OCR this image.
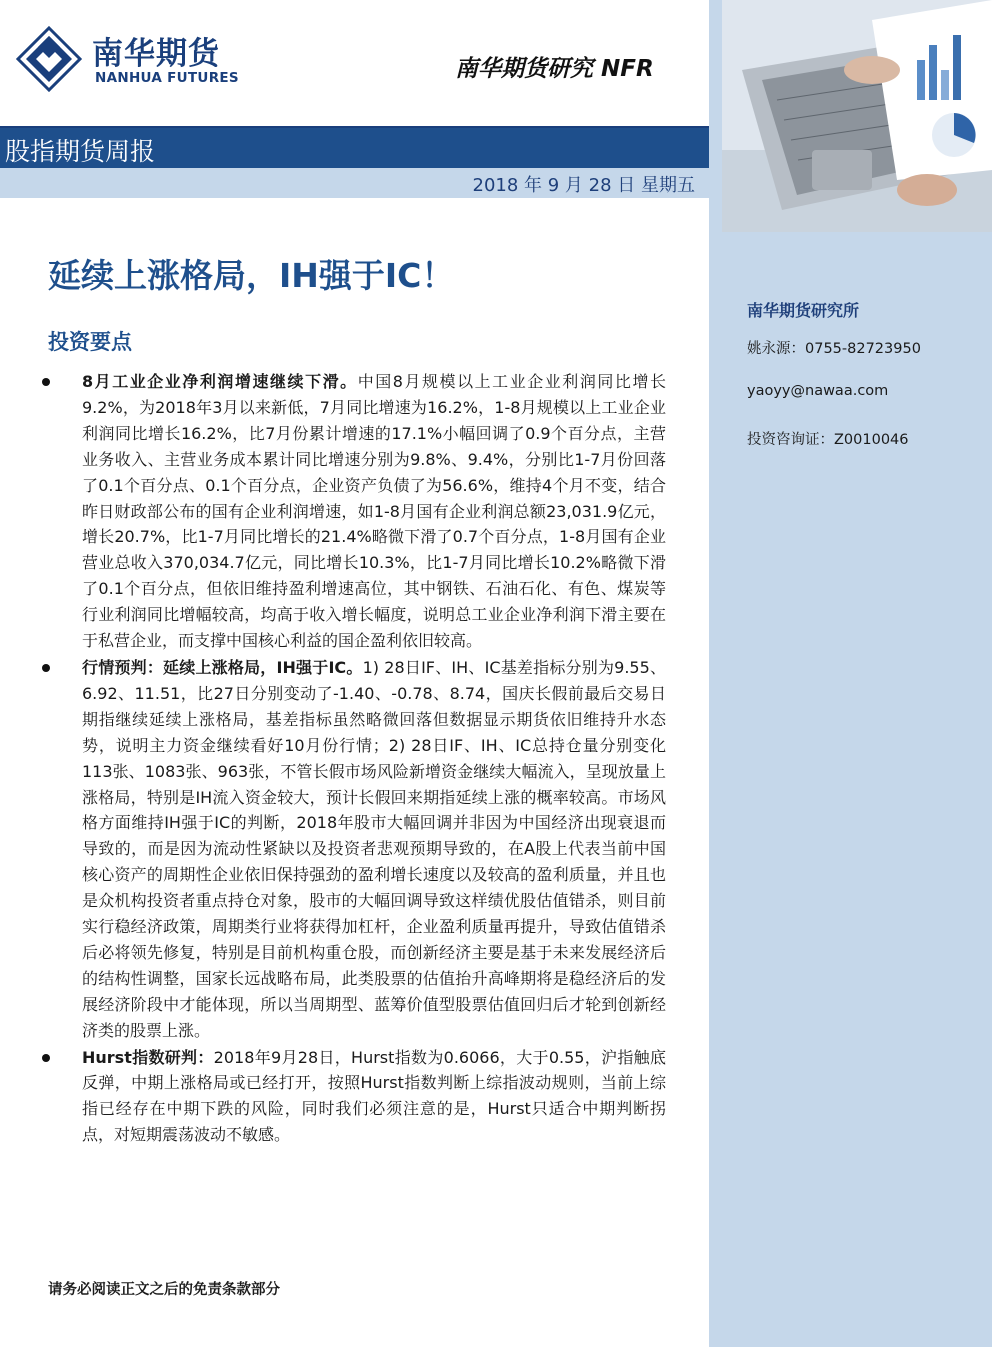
南华期货
NANHUA FUTURES	南华期货研究 NFR
股指期货周报
2018 年 9 月 28 日 星期五
延续上涨格局，IH强于IC！
投资要点
8月工业企业净利润增速继续下滑。中国8月规模以上工业企业利润同比增长9.2%，为2018年3月以来新低，7月同比增速为16.2%，1-8月规模以上工业企业利润同比增长16.2%，比7月份累计增速的17.1%小幅回调了0.9个百分点，主营业务收入、主营业务成本累计同比增速分别为9.8%、9.4%，分别比1-7月份回落了0.1个百分点、0.1个百分点，企业资产负债了为56.6%，维持4个月不变，结合昨日财政部公布的国有企业利润增速，如1-8月国有企业利润总额23,031.9亿元，增长20.7%，比1-7月同比增长的21.4%略微下滑了0.7个百分点，1-8月国有企业营业总收入370,034.7亿元，同比增长10.3%，比1-7月同比增长10.2%略微下滑了0.1个百分点，但依旧维持盈利增速高位，其中钢铁、石油石化、有色、煤炭等行业利润同比增幅较高，均高于收入增长幅度，说明总工业企业净利润下滑主要在于私营企业，而支撑中国核心利益的国企盈利依旧较高。
行情预判：延续上涨格局，IH强于IC。1) 28日IF、IH、IC基差指标分别为9.55、6.92、11.51，比27日分别变动了-1.40、-0.78、8.74，国庆长假前最后交易日期指继续延续上涨格局，基差指标虽然略微回落但数据显示期货依旧维持升水态势，说明主力资金继续看好10月份行情；2) 28日IF、IH、IC总持仓量分别变化113张、1083张、963张，不管长假市场风险新增资金继续大幅流入，呈现放量上涨格局，特别是IH流入资金较大，预计长假回来期指延续上涨的概率较高。市场风格方面维持IH强于IC的判断，2018年股市大幅回调并非因为中国经济出现衰退而导致的，而是因为流动性紧缺以及投资者悲观预期导致的，在A股上代表当前中国核心资产的周期性企业依旧保持强劲的盈利增长速度以及较高的盈利质量，并且也是众机构投资者重点持仓对象，股市的大幅回调导致这样绩优股估值错杀，则目前实行稳经济政策，周期类行业将获得加杠杆，企业盈利质量再提升，导致估值错杀后必将领先修复，特别是目前机构重仓股，而创新经济主要是基于未来发展经济后的结构性调整，国家长远战略布局，此类股票的估值抬升高峰期将是稳经济后的发展经济阶段中才能体现，所以当周期型、蓝筹价值型股票估值回归后才轮到创新经济类的股票上涨。
Hurst指数研判：2018年9月28日，Hurst指数为0.6066，大于0.55，沪指触底反弹，中期上涨格局或已经打开，按照Hurst指数判断上综指波动规则，当前上综指已经存在中期下跌的风险，同时我们必须注意的是，Hurst只适合中期判断拐点，对短期震荡波动不敏感。
请务必阅读正文之后的免责条款部分
南华期货研究所
姚永源：0755-82723950
yaoyy@nawaa.com
投资咨询证：Z0010046
